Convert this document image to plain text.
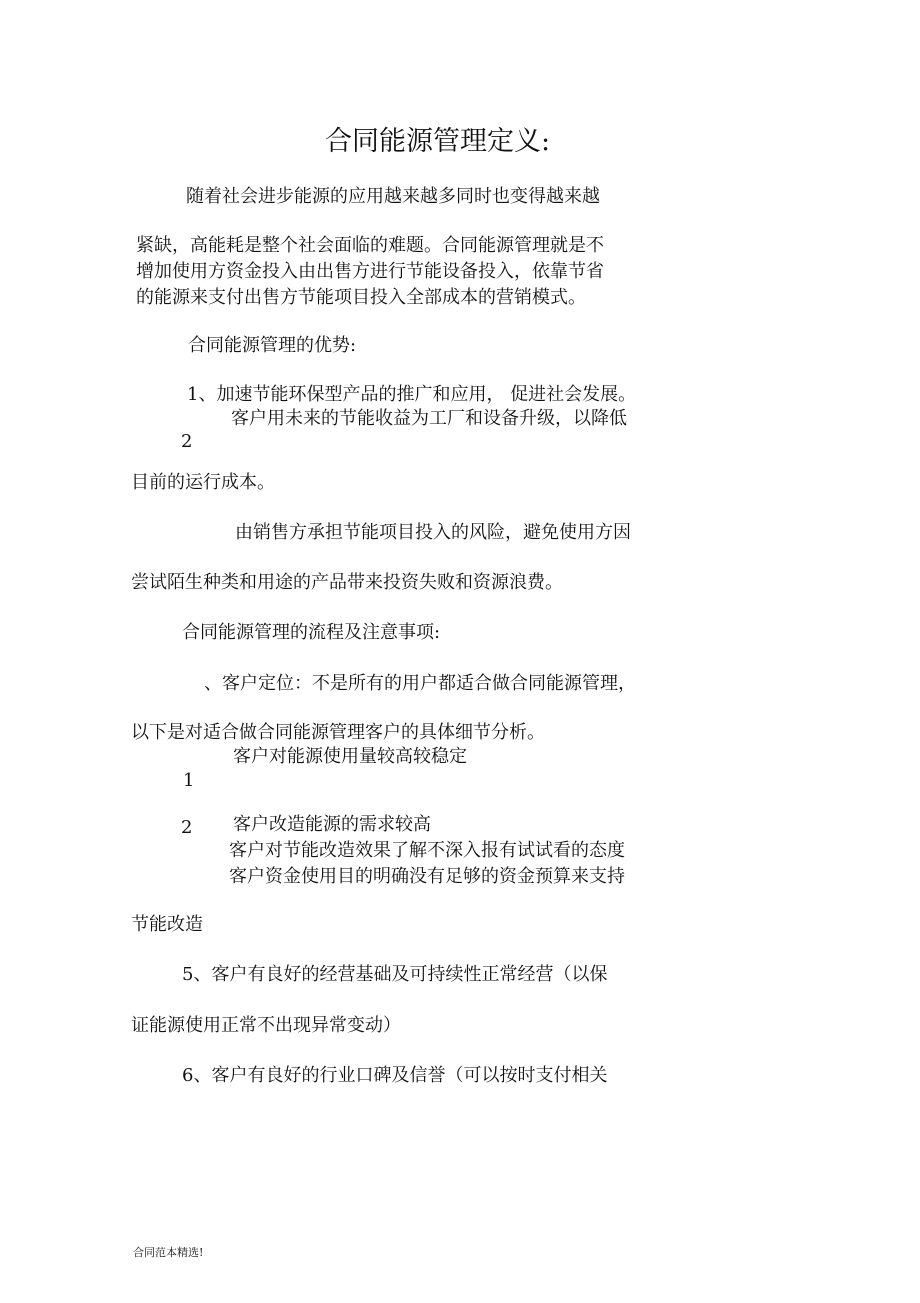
合同能源管理定义:
随着社会进步能源的应用越来越多同时也变得越来越
紧缺，高能耗是整个社会面临的难题。合同能源管理就是不
增加使用方资金投入由出售方进行节能设备投入，依靠节省
的能源来支付出售方节能项目投入全部成本的营销模式。
合同能源管理的优势:
1、加速节能环保型产品的推广和应用， 促进社会发展。
客户用未来的节能收益为工厂和设备升级，以降低
2
目前的运行成本。
由销售方承担节能项目投入的风险，避免使用方因
尝试陌生种类和用途的产品带来投资失败和资源浪费。
合同能源管理的流程及注意事项:
、客户定位：不是所有的用户都适合做合同能源管理，
以下是对适合做合同能源管理客户的具体细节分析。
客户对能源使用量较高较稳定
1
2 客户改造能源的需求较高
客户对节能改造效果了解不深入报有试试看的态度
客户资金使用目的明确没有足够的资金预算来支持
节能改造
5、客户有良好的经营基础及可持续性正常经营（以保
证能源使用正常不出现异常变动）
6、客户有良好的行业口碑及信誉（可以按时支付相关
合同范本精选!
